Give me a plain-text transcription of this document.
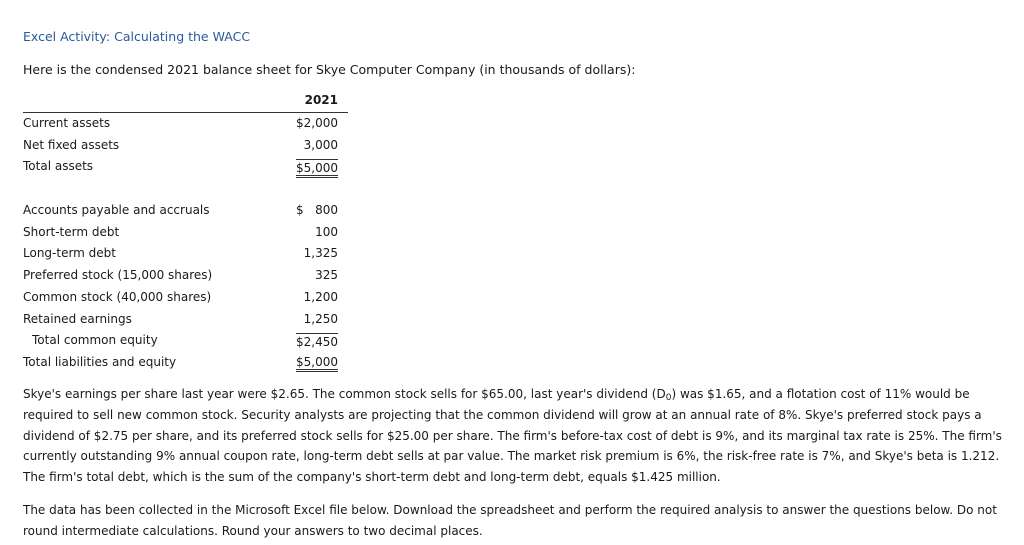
Excel Activity: Calculating the WACC
Here is the condensed 2021 balance sheet for Skye Computer Company (in thousands of dollars):
2021
Current assets	$2,000
Net fixed assets	3,000
Total assets	$5,000
Accounts payable and accruals	$   800
Short-term debt	100
Long-term debt	1,325
Preferred stock (15,000 shares)	325
Common stock (40,000 shares)	1,200
Retained earnings	1,250
Total common equity	$2,450
Total liabilities and equity	$5,000
Skye's earnings per share last year were $2.65. The common stock sells for $65.00, last year's dividend $(D_0)$ was $1.65, and a flotation cost of 11% would be required to sell new common stock. Security analysts are projecting that the common dividend will grow at an annual rate of 8%. Skye's preferred stock pays a dividend of $2.75 per share, and its preferred stock sells for $25.00 per share. The firm's before-tax cost of debt is 9%, and its marginal tax rate is 25%. The firm's currently outstanding 9% annual coupon rate, long-term debt sells at par value. The market risk premium is 6%, the risk-free rate is 7%, and Skye's beta is 1.212. The firm's total debt, which is the sum of the company's short-term debt and long-term debt, equals $1.425 million.
The data has been collected in the Microsoft Excel file below. Download the spreadsheet and perform the required analysis to answer the questions below. Do not round intermediate calculations. Round your answers to two decimal places.
